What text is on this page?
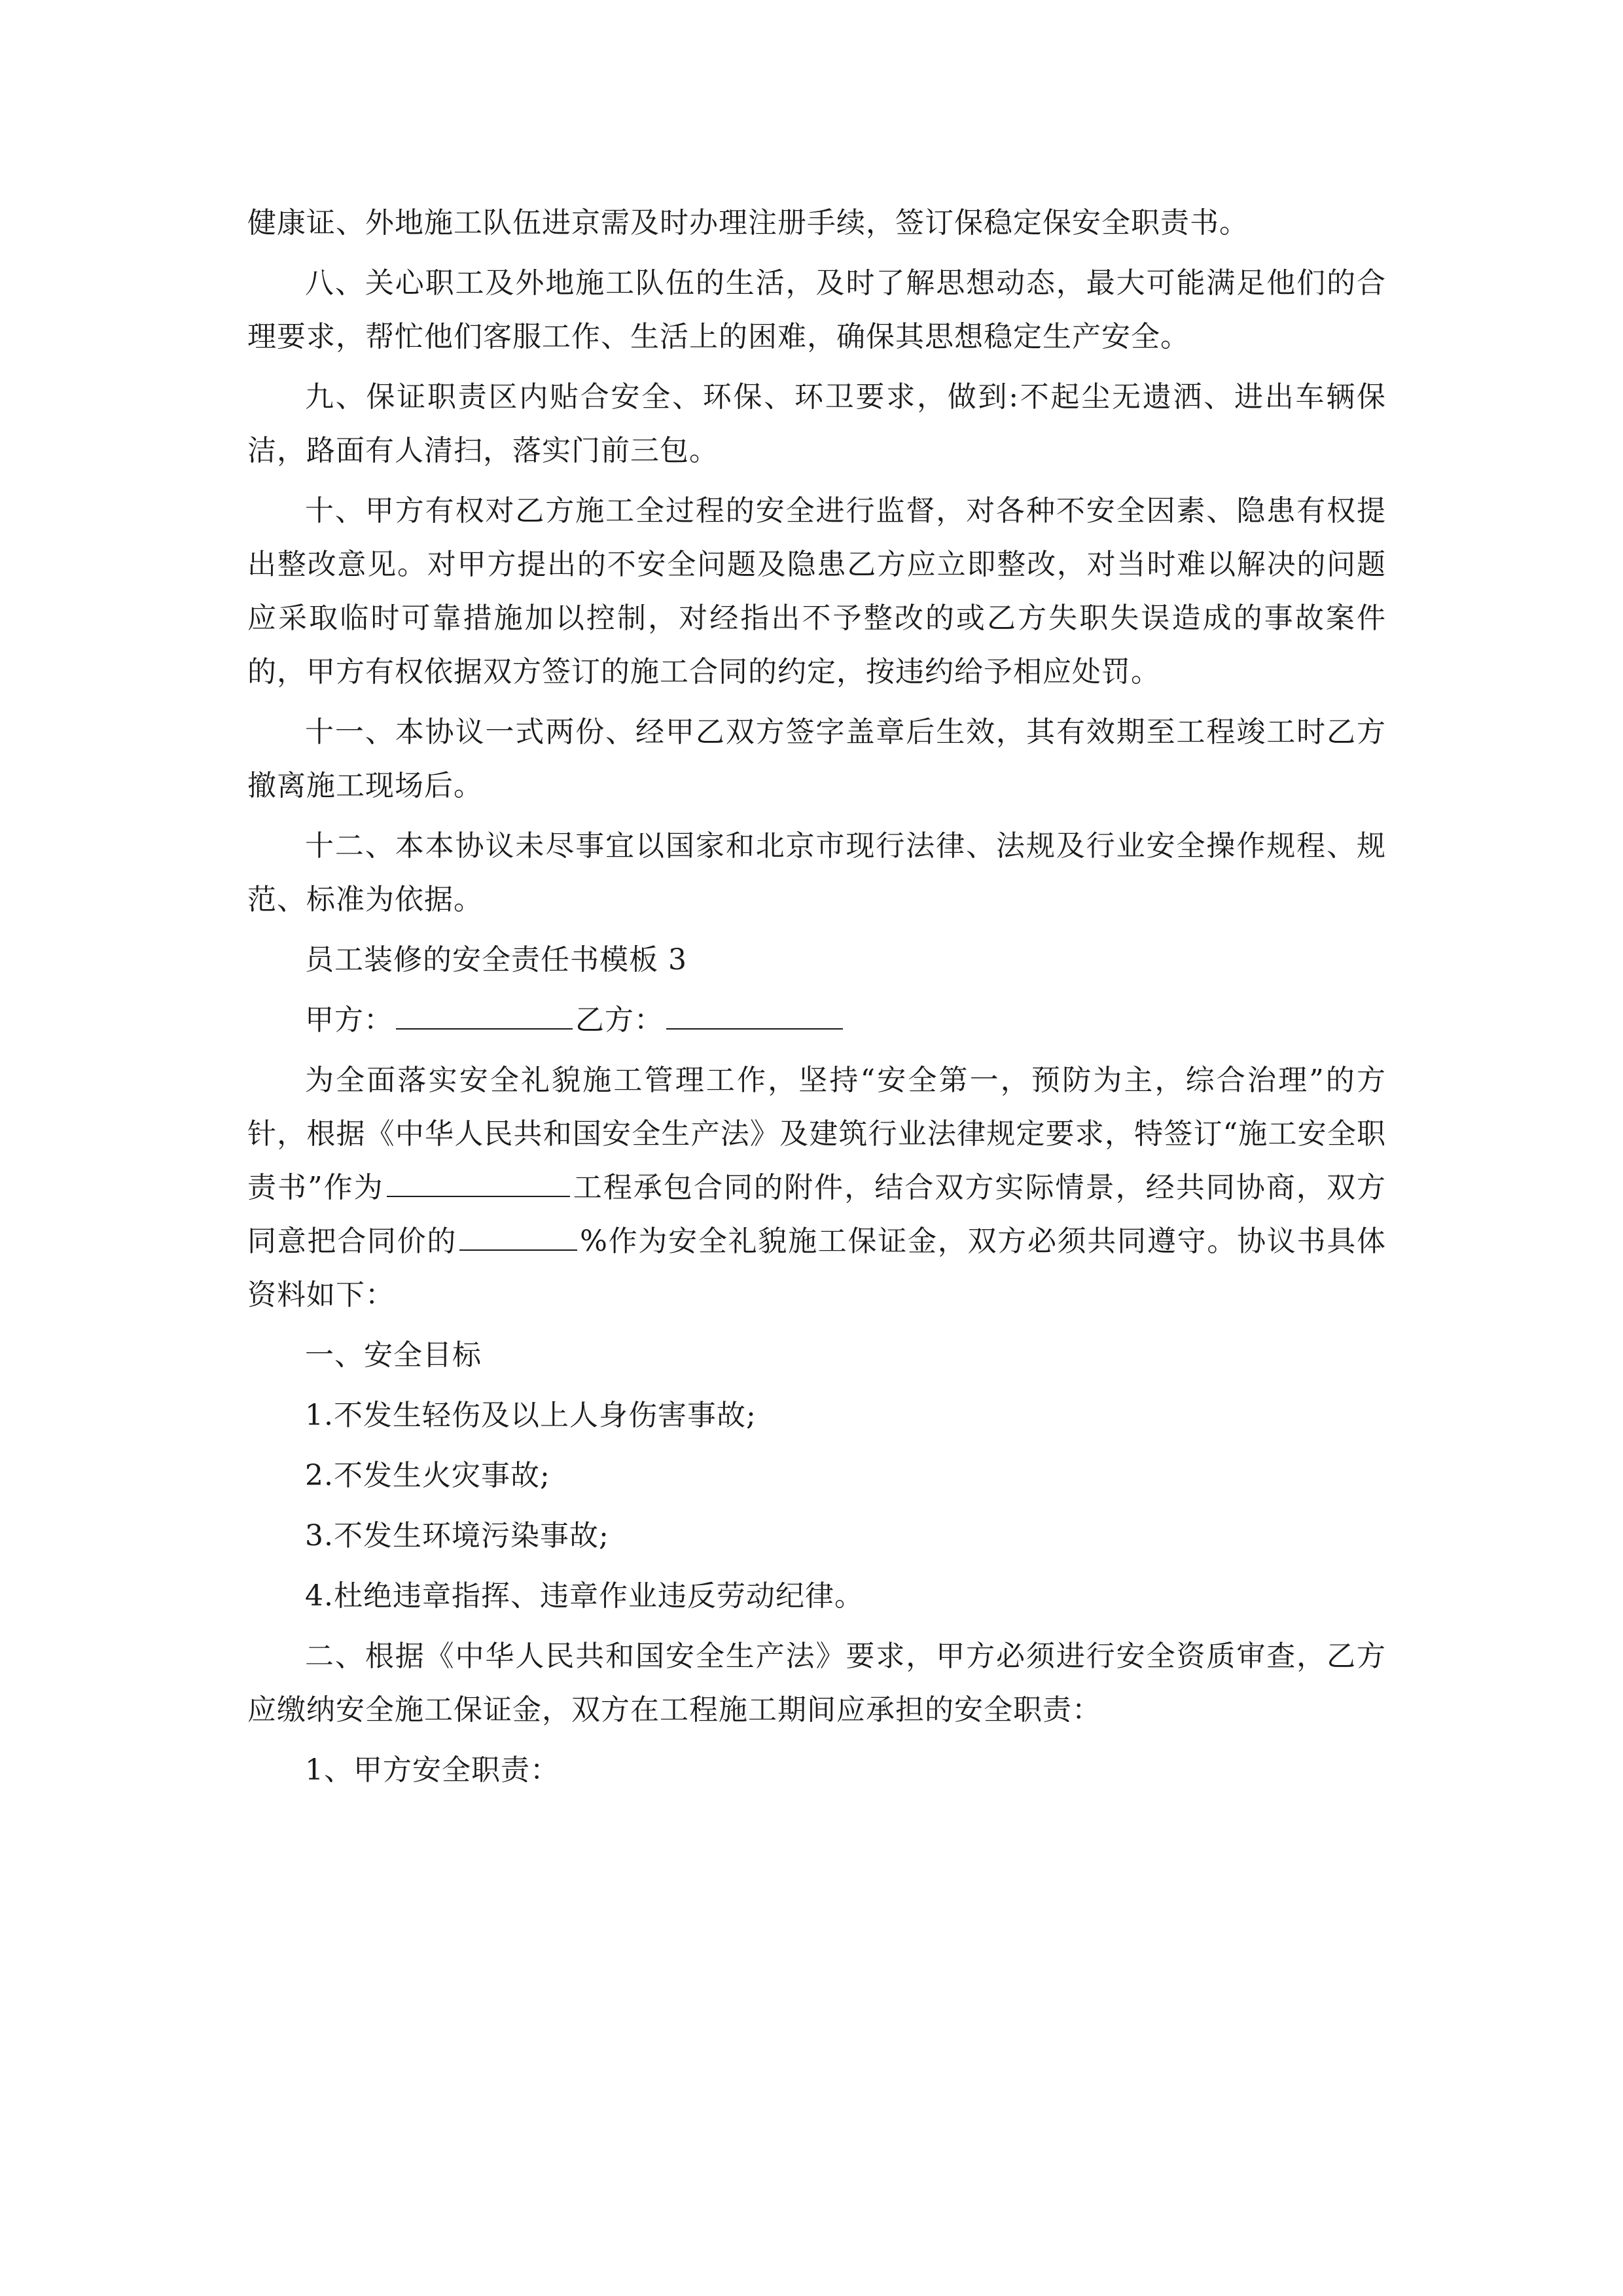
健康证、外地施工队伍进京需及时办理注册手续，签订保稳定保安全职责书。

八、关心职工及外地施工队伍的生活，及时了解思想动态，最大可能满足他们的合理要求，帮忙他们客服工作、生活上的困难，确保其思想稳定生产安全。

九、保证职责区内贴合安全、环保、环卫要求，做到:不起尘无遗洒、进出车辆保洁，路面有人清扫，落实门前三包。

十、甲方有权对乙方施工全过程的安全进行监督，对各种不安全因素、隐患有权提出整改意见。对甲方提出的不安全问题及隐患乙方应立即整改，对当时难以解决的问题应采取临时可靠措施加以控制，对经指出不予整改的或乙方失职失误造成的事故案件的，甲方有权依据双方签订的施工合同的约定，按违约给予相应处罚。

十一、本协议一式两份、经甲乙双方签字盖章后生效，其有效期至工程竣工时乙方撤离施工现场后。

十二、本本协议未尽事宜以国家和北京市现行法律、法规及行业安全操作规程、规范、标准为依据。

员工装修的安全责任书模板 3

甲方：	乙方：

为全面落实安全礼貌施工管理工作，坚持“安全第一，预防为主，综合治理”的方针，根据《中华人民共和国安全生产法》及建筑行业法律规定要求，特签订“施工安全职责书”作为	工程承包合同的附件，结合双方实际情景，经共同协商，双方同意把合同价的	%作为安全礼貌施工保证金，双方必须共同遵守。协议书具体资料如下：

一、安全目标

1.不发生轻伤及以上人身伤害事故;

2.不发生火灾事故;

3.不发生环境污染事故;

4.杜绝违章指挥、违章作业违反劳动纪律。

二、根据《中华人民共和国安全生产法》要求，甲方必须进行安全资质审查，乙方应缴纳安全施工保证金，双方在工程施工期间应承担的安全职责：

1、甲方安全职责：
